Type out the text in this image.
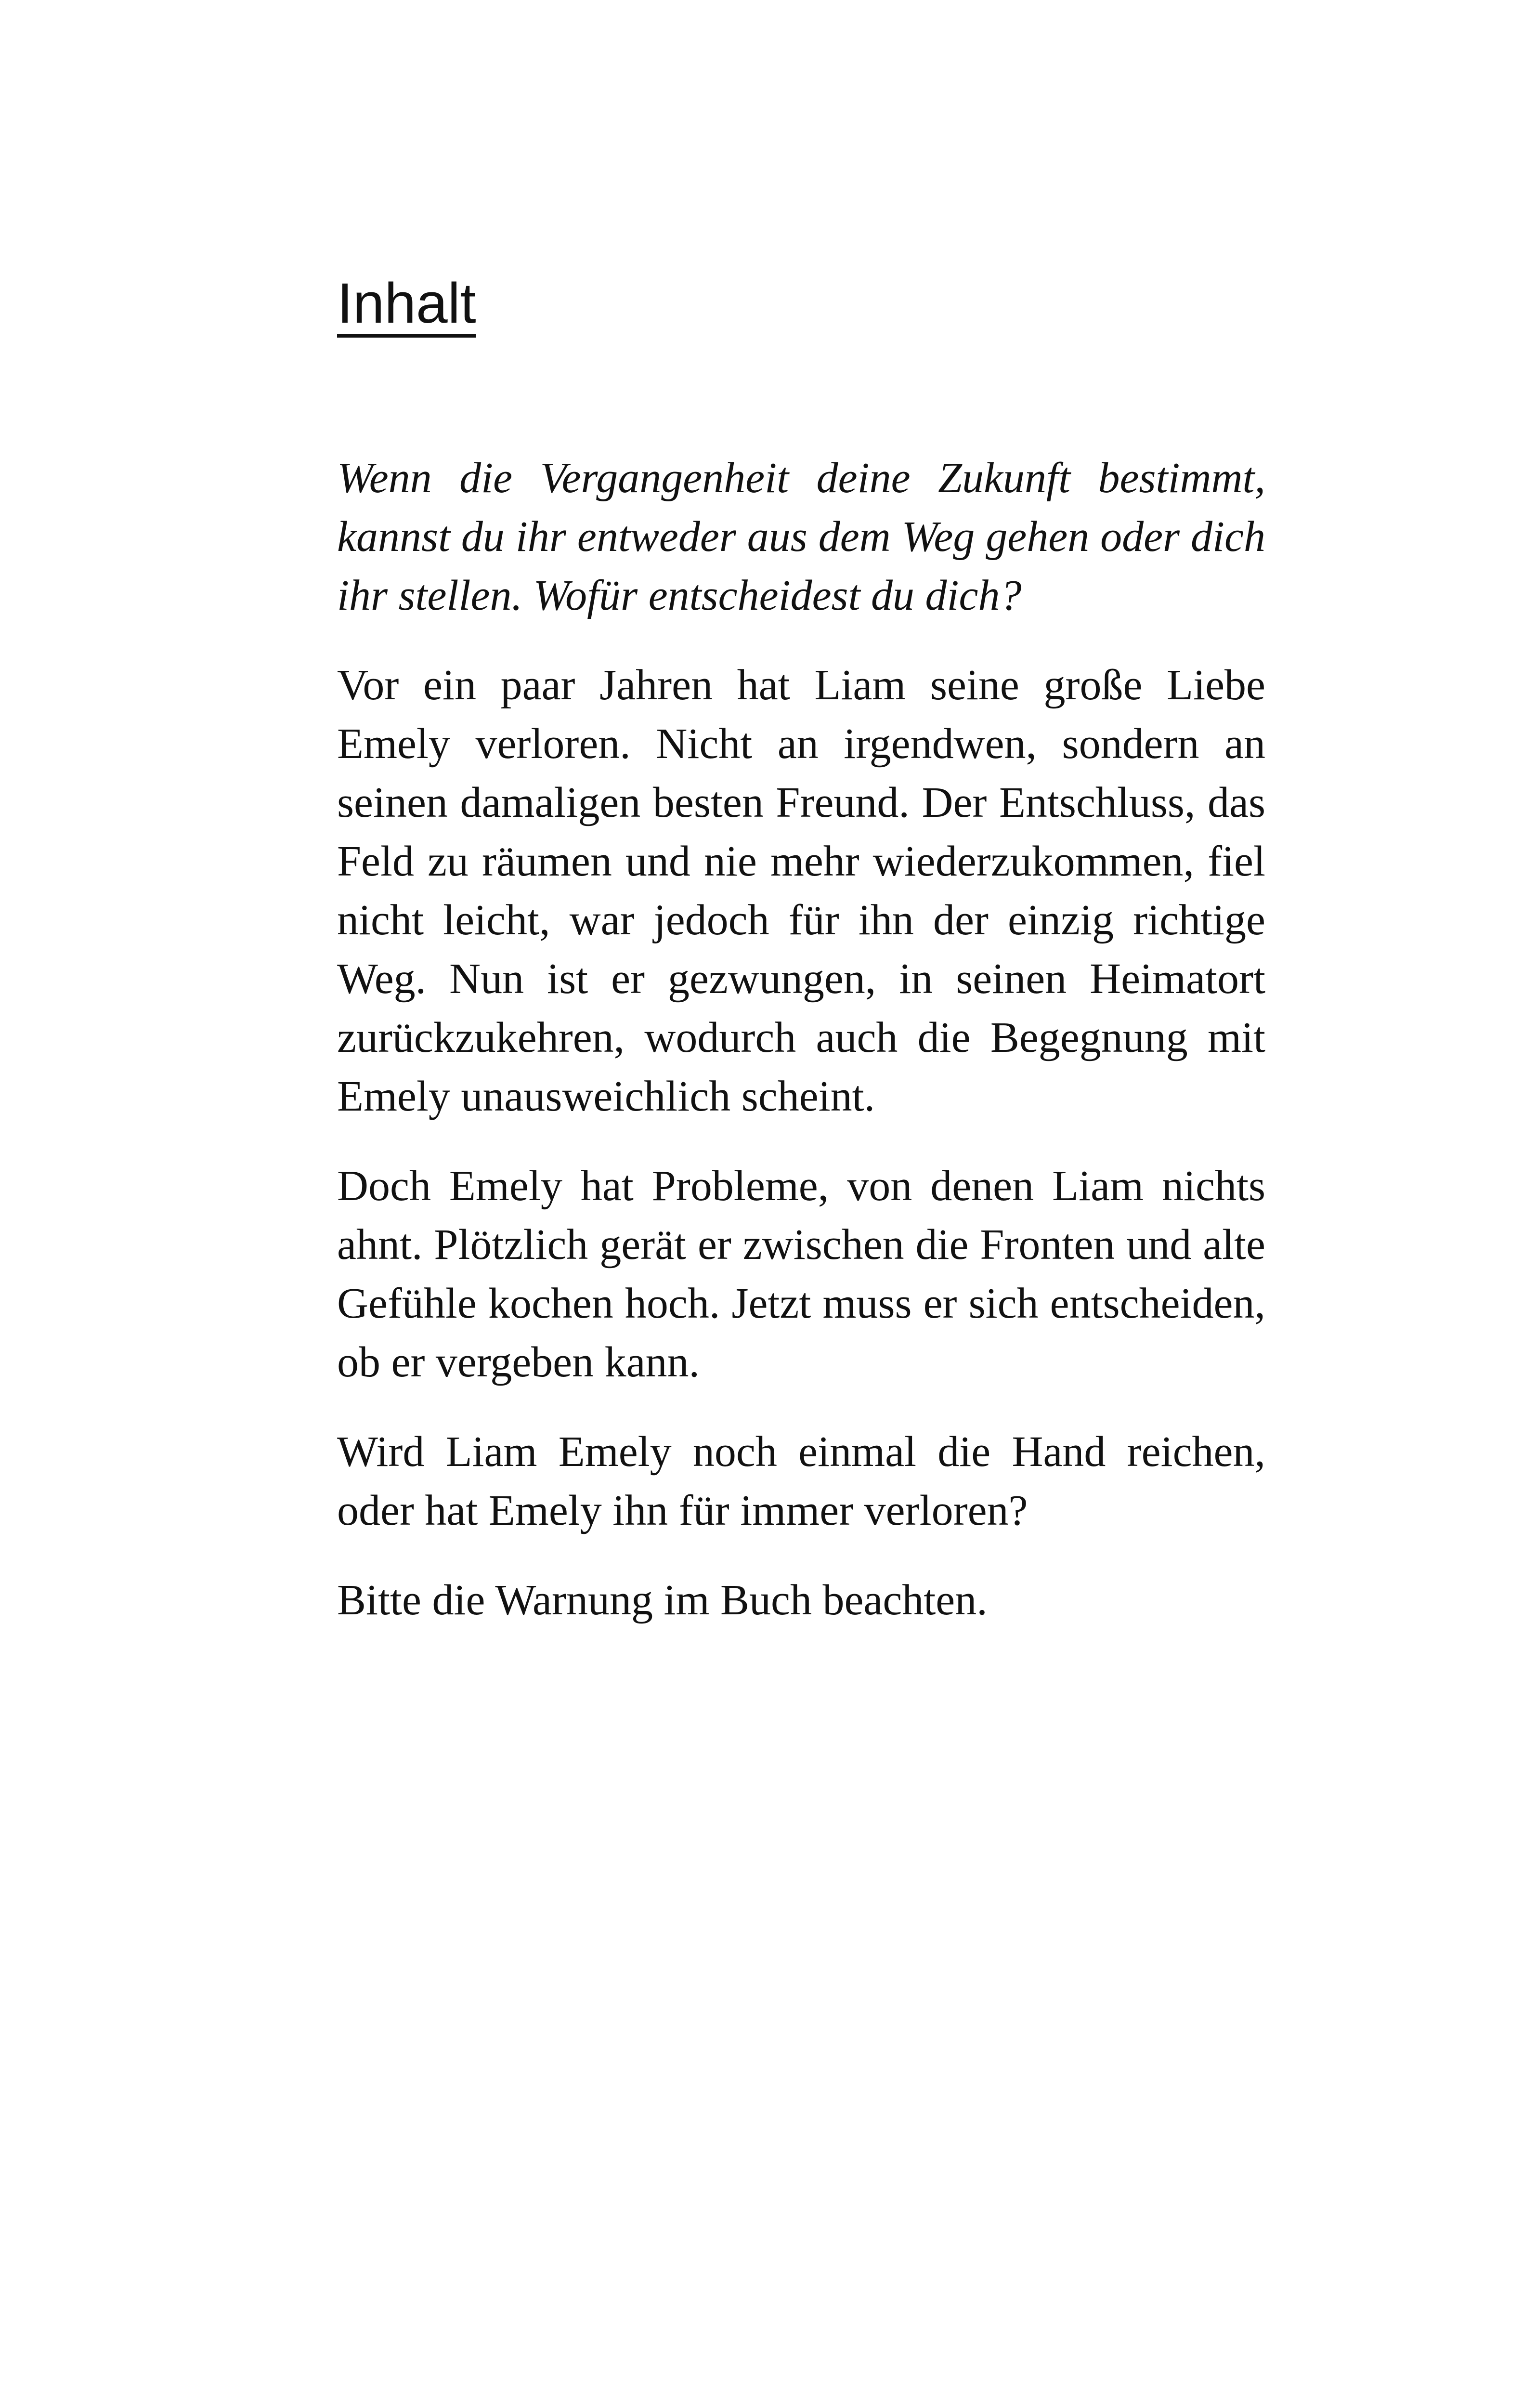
Inhalt

Wenn die Vergangenheit deine Zukunft bestimmt, kannst du ihr entweder aus dem Weg gehen oder dich ihr stellen. Wofür entscheidest du dich?

Vor ein paar Jahren hat Liam seine große Liebe Emely verloren. Nicht an irgendwen, sondern an seinen damaligen besten Freund. Der Entschluss, das Feld zu räumen und nie mehr wiederzukommen, fiel nicht leicht, war jedoch für ihn der einzig richtige Weg. Nun ist er gezwungen, in seinen Heimatort zurückzukehren, wodurch auch die Begegnung mit Emely unausweichlich scheint.

Doch Emely hat Probleme, von denen Liam nichts ahnt. Plötzlich gerät er zwischen die Fronten und alte Gefühle kochen hoch. Jetzt muss er sich entscheiden, ob er vergeben kann.

Wird Liam Emely noch einmal die Hand reichen, oder hat Emely ihn für immer verloren?

Bitte die Warnung im Buch beachten.
